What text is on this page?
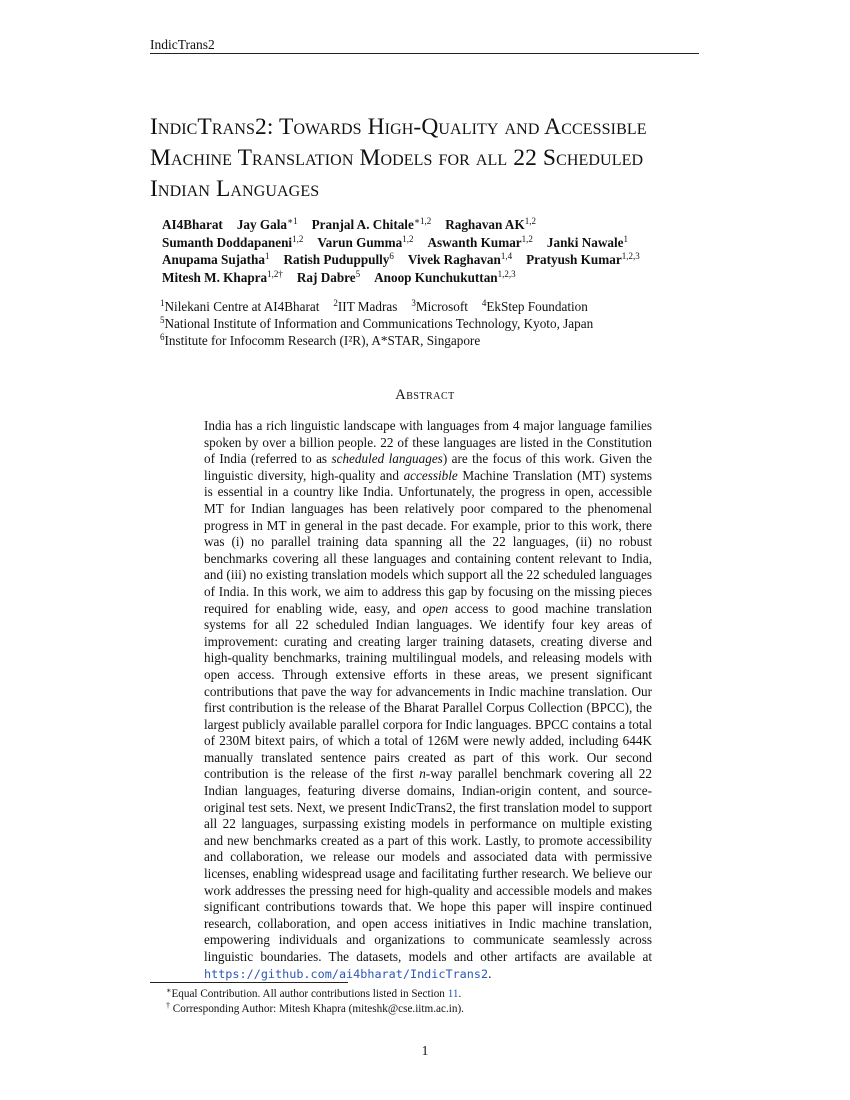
IndicTrans2
IndicTrans2: Towards High-Quality and Accessible
Machine Translation Models for all 22 Scheduled
Indian Languages
AI4Bharat Jay Gala$^{∗1}$ Pranjal A. Chitale$^{∗1,2}$ Raghavan AK$^{1,2}$
Sumanth Doddapaneni$^{1,2}$ Varun Gumma$^{1,2}$ Aswanth Kumar$^{1,2}$ Janki Nawale$^1$
Anupama Sujatha$^1$ Ratish Puduppully$^6$ Vivek Raghavan$^{1,4}$ Pratyush Kumar$^{1,2,3}$
Mitesh M. Khapra$^{1,2\dagger}$ Raj Dabre$^5$ Anoop Kunchukuttan$^{1,2,3}$
$^1$Nilekani Centre at AI4Bharat $^2$IIT Madras $^3$Microsoft $^4$EkStep Foundation
$^5$National Institute of Information and Communications Technology, Kyoto, Japan
$^6$Institute for Infocomm Research (I²R), A*STAR, Singapore
Abstract

India has a rich linguistic landscape with languages from 4 major language families spoken by over a billion people. 22 of these languages are listed in the Constitution of India (referred to as scheduled languages) are the focus of this work. Given the linguistic diversity, high-quality and accessible Machine Translation (MT) systems is essential in a country like India. Unfortunately, the progress in open, accessible MT for Indian languages has been relatively poor compared to the phenomenal progress in MT in general in the past decade. For example, prior to this work, there was (i) no parallel training data spanning all the 22 languages, (ii) no robust benchmarks covering all these languages and containing content relevant to India, and (iii) no existing translation models which support all the 22 scheduled languages of India. In this work, we aim to address this gap by focusing on the missing pieces required for enabling wide, easy, and open access to good machine translation systems for all 22 scheduled Indian languages. We identify four key areas of improvement: curating and creating larger training datasets, creating diverse and high-quality benchmarks, training multilingual models, and releasing models with open access. Through extensive efforts in these areas, we present significant contributions that pave the way for advancements in Indic machine translation. Our first contribution is the release of the Bharat Parallel Corpus Collection (BPCC), the largest publicly available parallel corpora for Indic languages. BPCC contains a total of 230M bitext pairs, of which a total of 126M were newly added, including 644K manually translated sentence pairs created as part of this work. Our second contribution is the release of the first n-way parallel benchmark covering all 22 Indian languages, featuring diverse domains, Indian-origin content, and source-original test sets. Next, we present IndicTrans2, the first translation model to support all 22 languages, surpassing existing models in performance on multiple existing and new benchmarks created as a part of this work. Lastly, to promote accessibility and collaboration, we release our models and associated data with permissive licenses, enabling widespread usage and facilitating further research. We believe our work addresses the pressing need for high-quality and accessible models and makes significant contributions towards that. We hope this paper will inspire continued research, collaboration, and open access initiatives in Indic machine translation, empowering individuals and organizations to communicate seamlessly across linguistic boundaries. The datasets, models and other artifacts are available at https://github.com/ai4bharat/IndicTrans2.

∗Equal Contribution. All author contributions listed in Section 11.
† Corresponding Author: Mitesh Khapra (miteshk@cse.iitm.ac.in).
1
